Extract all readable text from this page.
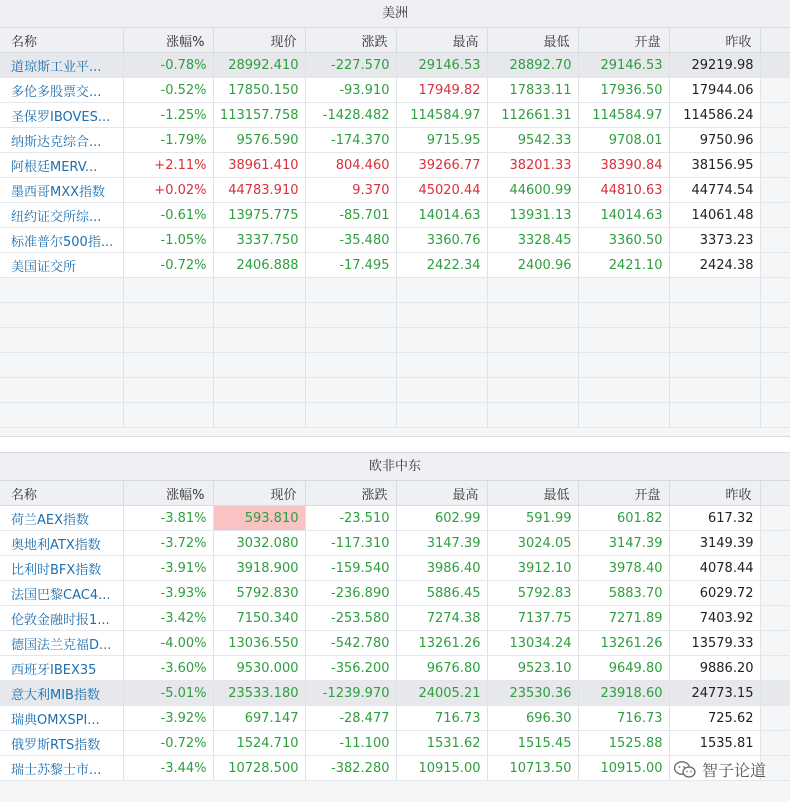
美洲
名称	涨幅%	现价	涨跌	最高	最低	开盘	昨收	
道琼斯工业平...	-0.78%	28992.410	-227.570	29146.53	28892.70	29146.53	29219.98	
多伦多股票交...	-0.52%	17850.150	-93.910	17949.82	17833.11	17936.50	17944.06	
圣保罗IBOVES...	-1.25%	113157.758	-1428.482	114584.97	112661.31	114584.97	114586.24	
纳斯达克综合...	-1.79%	9576.590	-174.370	9715.95	9542.33	9708.01	9750.96	
阿根廷MERV...	+2.11%	38961.410	804.460	39266.77	38201.33	38390.84	38156.95	
墨西哥MXX指数	+0.02%	44783.910	9.370	45020.44	44600.99	44810.63	44774.54	
纽约证交所综...	-0.61%	13975.775	-85.701	14014.63	13931.13	14014.63	14061.48	
标准普尔500指...	-1.05%	3337.750	-35.480	3360.76	3328.45	3360.50	3373.23	
美国证交所	-0.72%	2406.888	-17.495	2422.34	2400.96	2421.10	2424.38	

欧非中东
名称	涨幅%	现价	涨跌	最高	最低	开盘	昨收	
荷兰AEX指数	-3.81%	593.810	-23.510	602.99	591.99	601.82	617.32	
奥地利ATX指数	-3.72%	3032.080	-117.310	3147.39	3024.05	3147.39	3149.39	
比利时BFX指数	-3.91%	3918.900	-159.540	3986.40	3912.10	3978.40	4078.44	
法国巴黎CAC4...	-3.93%	5792.830	-236.890	5886.45	5792.83	5883.70	6029.72	
伦敦金融时报1...	-3.42%	7150.340	-253.580	7274.38	7137.75	7271.89	7403.92	
德国法兰克福D...	-4.00%	13036.550	-542.780	13261.26	13034.24	13261.26	13579.33	
西班牙IBEX35	-3.60%	9530.000	-356.200	9676.80	9523.10	9649.80	9886.20	
意大利MIB指数	-5.01%	23533.180	-1239.970	24005.21	23530.36	23918.60	24773.15	
瑞典OMXSPI...	-3.92%	697.147	-28.477	716.73	696.30	716.73	725.62	
俄罗斯RTS指数	-0.72%	1524.710	-11.100	1531.62	1515.45	1525.88	1535.81	
瑞士苏黎士市...	-3.44%	10728.500	-382.280	10915.00	10713.50	10915.00		智子论道
